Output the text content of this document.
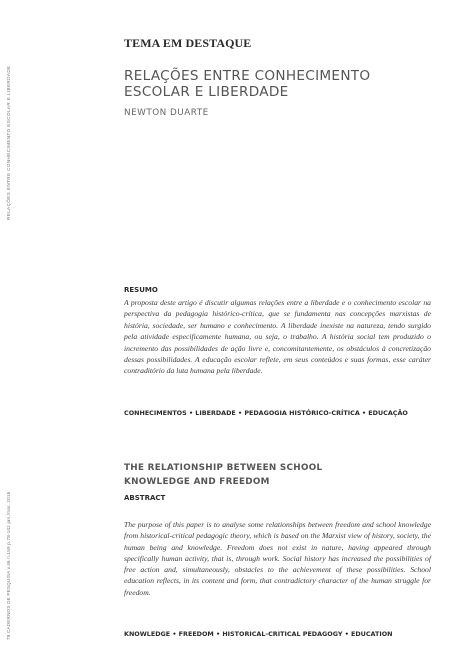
RELAÇÕES ENTRE CONHECIMENTO ESCOLAR E LIBERDADE
78 CADERNOS DE PESQUISA v.46 n.159 p.78-102 jan./mar. 2016
TEMA EM DESTAQUE
RELAÇÕES ENTRE CONHECIMENTO
ESCOLAR E LIBERDADE
NEWTON DUARTE
RESUMO

A proposta deste artigo é discutir algumas relações entre a liberdade e o conhecimento escolar na perspectiva da pedagogia histórico-crítica, que se fundamenta nas concepções marxistas de história, sociedade, ser humano e conhecimento. A liberdade inexiste na natureza, tendo surgido pela atividade especificamente humana, ou seja, o trabalho. A história social tem produzido o incremento das possibilidades de ação livre e, concomitantemente, os obstáculos à concretização dessas possibilidades. A educação escolar reflete, em seus conteúdos e suas formas, esse caráter contraditório da luta humana pela liberdade.

CONHECIMENTOS • LIBERDADE • PEDAGOGIA HISTÓRICO-CRÍTICA • EDUCAÇÃO
THE RELATIONSHIP BETWEEN SCHOOL
KNOWLEDGE AND FREEDOM
ABSTRACT

The purpose of this paper is to analyse some relationships between freedom and school knowledge from historical-critical pedagogic theory, which is based on the Marxist view of history, society, the human being and knowledge. Freedom does not exist in nature, having appeared through specifically human activity, that is, through work. Social history has increased the possibilities of free action and, simultaneously, obstacles to the achievement of these possibilities. School education reflects, in its content and form, that contradictory character of the human struggle for freedom.

KNOWLEDGE • FREEDOM • HISTORICAL-CRITICAL PEDAGOGY • EDUCATION
